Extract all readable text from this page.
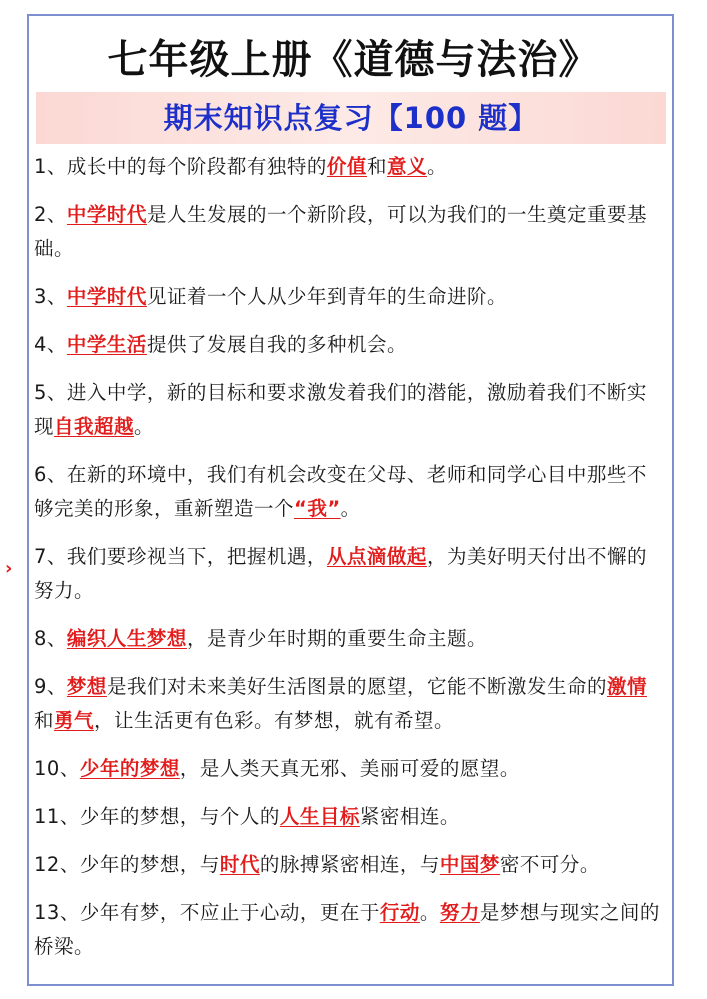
七年级上册《道德与法治》
期末知识点复习【100 题】
›
1、成长中的每个阶段都有独特的价值和意义。
2、中学时代是人生发展的一个新阶段，可以为我们的一生奠定重要基础。
3、中学时代见证着一个人从少年到青年的生命进阶。
4、中学生活提供了发展自我的多种机会。
5、进入中学，新的目标和要求激发着我们的潜能，激励着我们不断实现自我超越。
6、在新的环境中，我们有机会改变在父母、老师和同学心目中那些不够完美的形象，重新塑造一个“我”。
7、我们要珍视当下，把握机遇，从点滴做起，为美好明天付出不懈的努力。
8、编织人生梦想，是青少年时期的重要生命主题。
9、梦想是我们对未来美好生活图景的愿望，它能不断激发生命的激情和勇气，让生活更有色彩。有梦想，就有希望。
10、少年的梦想，是人类天真无邪、美丽可爱的愿望。
11、少年的梦想，与个人的人生目标紧密相连。
12、少年的梦想，与时代的脉搏紧密相连，与中国梦密不可分。
13、少年有梦，不应止于心动，更在于行动。努力是梦想与现实之间的桥梁。
